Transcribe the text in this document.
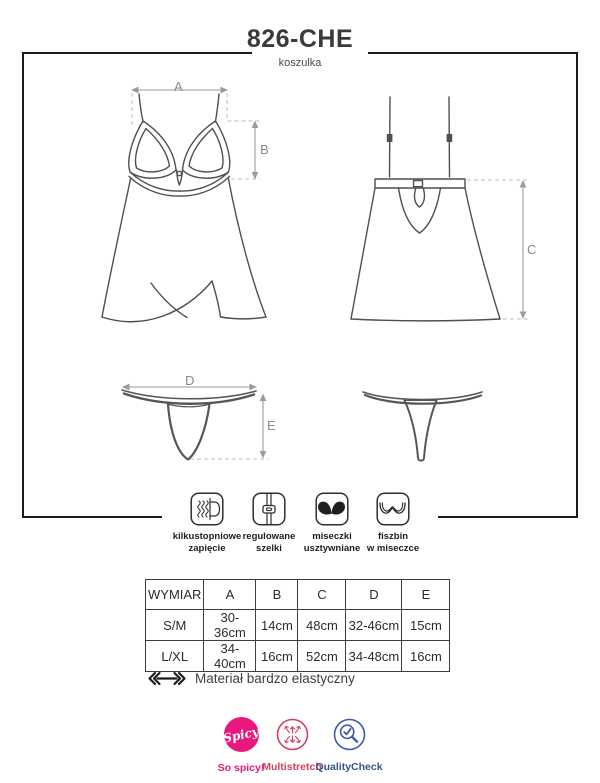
826-CHE
koszulka
A
B
C
D
E
kilkustopniowe
zapięcie
regulowane
szelki
miseczki
usztywniane
fiszbin
w miseczce
WYMIAR	A	B	C	D	E
S/M	30-36cm	14cm	48cm	32-46cm	15cm
L/XL	34-40cm	16cm	52cm	34-48cm	16cm
Materiał bardzo elastyczny
Spicy
So spicy!
Multistretch
QualityCheck
